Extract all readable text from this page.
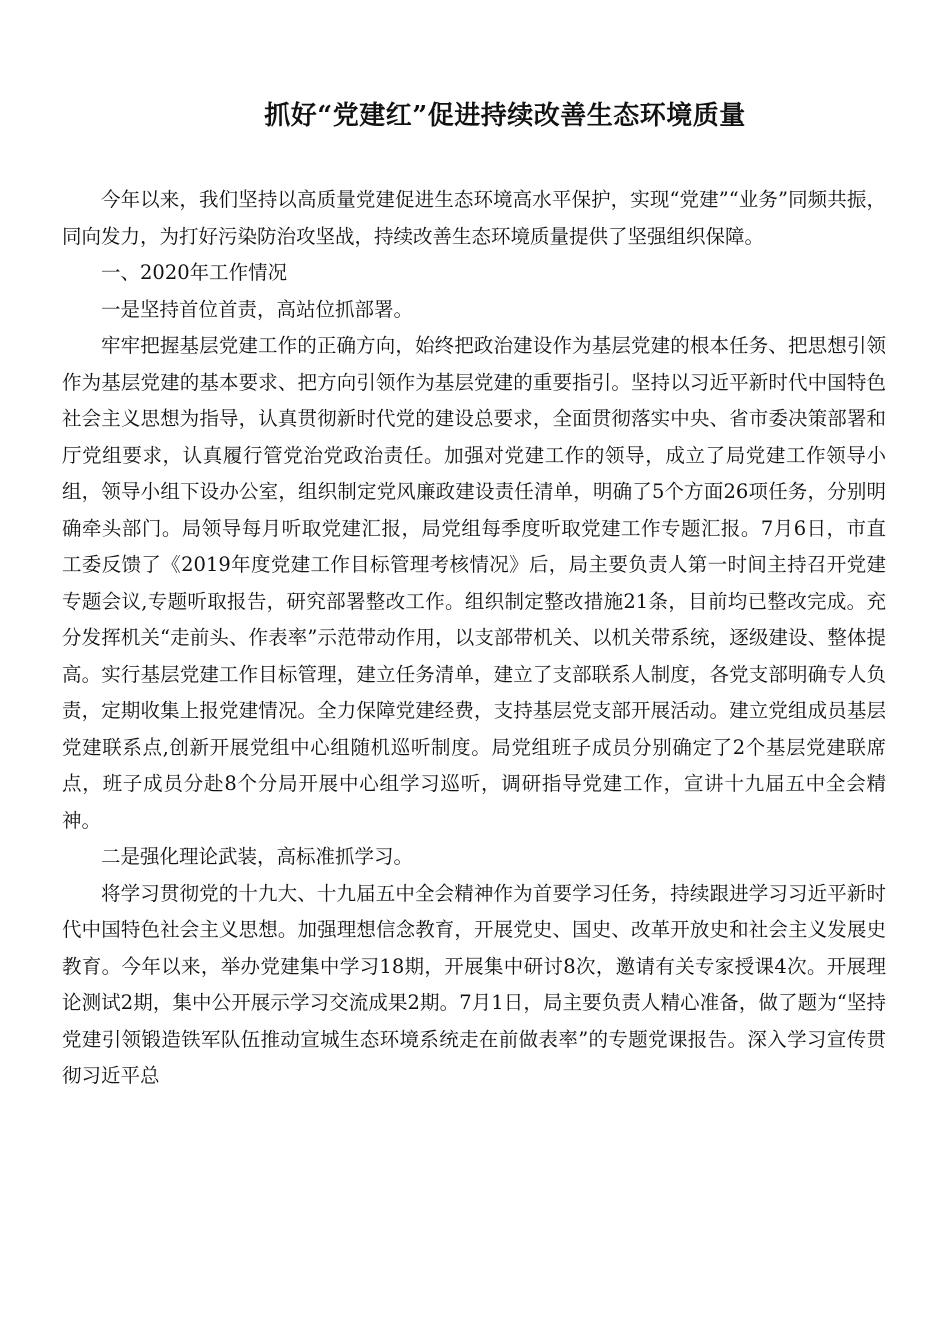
抓好“党建红”促进持续改善生态环境质量

今年以来，我们坚持以高质量党建促进生态环境高水平保护，实现“党建”“业务”同频共振，同向发力，为打好污染防治攻坚战，持续改善生态环境质量提供了坚强组织保障。

一、2020年工作情况

一是坚持首位首责，高站位抓部署。

牢牢把握基层党建工作的正确方向，始终把政治建设作为基层党建的根本任务、把思想引领作为基层党建的基本要求、把方向引领作为基层党建的重要指引。坚持以习近平新时代中国特色社会主义思想为指导，认真贯彻新时代党的建设总要求，全面贯彻落实中央、省市委决策部署和厅党组要求，认真履行管党治党政治责任。加强对党建工作的领导，成立了局党建工作领导小组，领导小组下设办公室，组织制定党风廉政建设责任清单，明确了5个方面26项任务，分别明确牵头部门。局领导每月听取党建汇报，局党组每季度听取党建工作专题汇报。7月6日，市直工委反馈了《2019年度党建工作目标管理考核情况》后，局主要负责人第一时间主持召开党建专题会议,专题听取报告，研究部署整改工作。组织制定整改措施21条，目前均已整改完成。充分发挥机关“走前头、作表率”示范带动作用，以支部带机关、以机关带系统，逐级建设、整体提高。实行基层党建工作目标管理，建立任务清单，建立了支部联系人制度，各党支部明确专人负责，定期收集上报党建情况。全力保障党建经费，支持基层党支部开展活动。建立党组成员基层党建联系点,创新开展党组中心组随机巡听制度。局党组班子成员分别确定了2个基层党建联席点，班子成员分赴8个分局开展中心组学习巡听，调研指导党建工作，宣讲十九届五中全会精神。

二是强化理论武装，高标准抓学习。

将学习贯彻党的十九大、十九届五中全会精神作为首要学习任务，持续跟进学习习近平新时代中国特色社会主义思想。加强理想信念教育，开展党史、国史、改革开放史和社会主义发展史教育。今年以来，举办党建集中学习18期，开展集中研讨8次，邀请有关专家授课4次。开展理论测试2期，集中公开展示学习交流成果2期。7月1日，局主要负责人精心准备，做了题为“坚持党建引领锻造铁军队伍推动宣城生态环境系统走在前做表率”的专题党课报告。深入学习宣传贯彻习近平总
